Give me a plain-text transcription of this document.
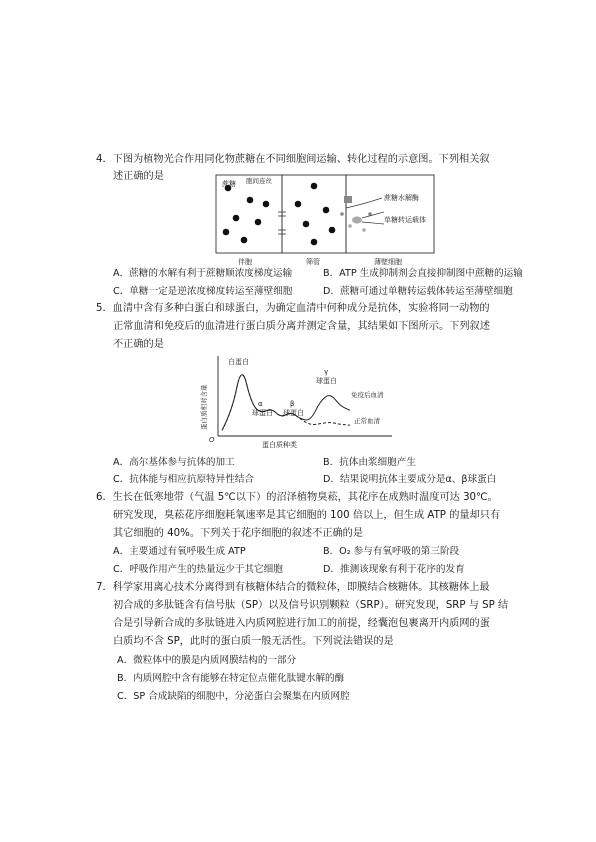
4．下图为植物光合作用同化物蔗糖在不同细胞间运输、转化过程的示意图。下列相关叙
述正确的是
蔗糖 胞间连丝
蔗糖水解酶
单糖转运载体
伴胞	筛管	薄壁细胞
A．蔗糖的水解有利于蔗糖顺浓度梯度运输	B．ATP 生成抑制剂会直接抑制图中蔗糖的运输
C．单糖一定是逆浓度梯度转运至薄壁细胞	D．蔗糖可通过单糖转运载体转运至薄壁细胞
5．血清中含有多种白蛋白和球蛋白，为确定血清中何种成分是抗体，实验将同一动物的
正常血清和免疫后的血清进行蛋白质分离并测定含量，其结果如下图所示。下列叙述
不正确的是
蛋白质相对含量
蛋白质种类
O
白蛋白
α
球蛋白
β
球蛋白
γ
球蛋白
免疫后血清
正常血清
A．高尔基体参与抗体的加工	B．抗体由浆细胞产生
C．抗体能与相应抗原特异性结合	D．结果说明抗体主要成分是α、β球蛋白
6．生长在低寒地带（气温 5℃以下）的沼泽植物臭菘，其花序在成熟时温度可达 30℃。
研究发现，臭菘花序细胞耗氧速率是其它细胞的 100 倍以上，但生成 ATP 的量却只有
其它细胞的 40%。下列关于花序细胞的叙述不正确的是
A．主要通过有氧呼吸生成 ATP	B．O₂ 参与有氧呼吸的第三阶段
C．呼吸作用产生的热量远少于其它细胞	D．推测该现象有利于花序的发育
7．科学家用离心技术分离得到有核糖体结合的微粒体，即膜结合核糖体。其核糖体上最
初合成的多肽链含有信号肽（SP）以及信号识别颗粒（SRP）。研究发现，SRP 与 SP 结
合是引导新合成的多肽链进入内质网腔进行加工的前提，经囊泡包裹离开内质网的蛋
白质均不含 SP，此时的蛋白质一般无活性。下列说法错误的是
A．微粒体中的膜是内质网膜结构的一部分
B．内质网腔中含有能够在特定位点催化肽键水解的酶
C．SP 合成缺陷的细胞中，分泌蛋白会聚集在内质网腔
